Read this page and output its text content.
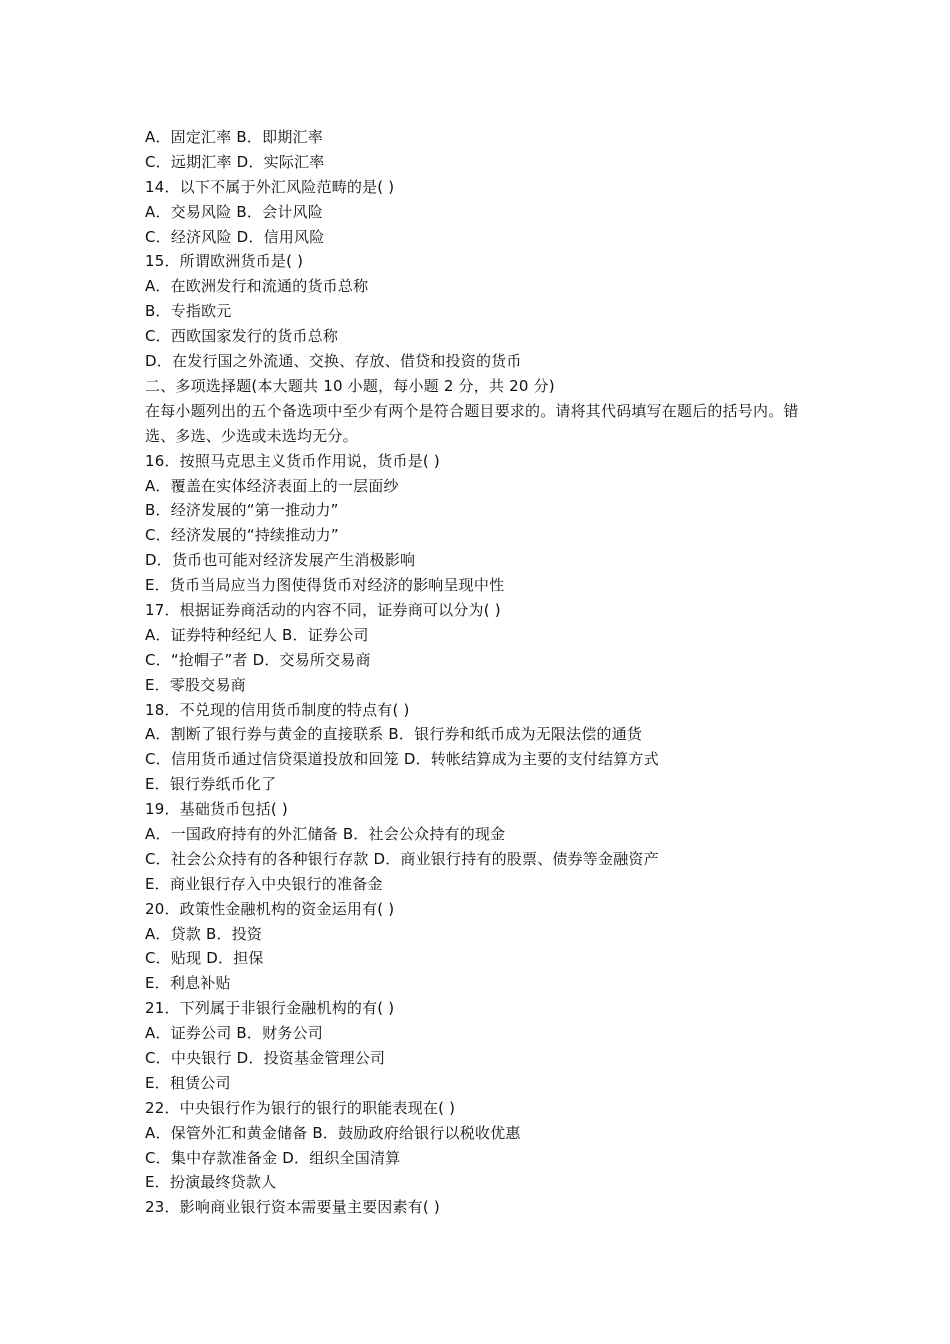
A．固定汇率 B．即期汇率
C．远期汇率 D．实际汇率
14．以下不属于外汇风险范畴的是( )
A．交易风险 B．会计风险
C．经济风险 D．信用风险
15．所谓欧洲货币是( )
A．在欧洲发行和流通的货币总称
B．专指欧元
C．西欧国家发行的货币总称
D．在发行国之外流通、交换、存放、借贷和投资的货币
二、多项选择题(本大题共 10 小题，每小题 2 分，共 20 分)
在每小题列出的五个备选项中至少有两个是符合题目要求的。请将其代码填写在题后的括号内。错选、多选、少选或未选均无分。
16．按照马克思主义货币作用说，货币是( )
A．覆盖在实体经济表面上的一层面纱
B．经济发展的“第一推动力”
C．经济发展的“持续推动力”
D．货币也可能对经济发展产生消极影响
E．货币当局应当力图使得货币对经济的影响呈现中性
17．根据证券商活动的内容不同，证券商可以分为( )
A．证券特种经纪人 B．证券公司
C．“抢帽子”者 D．交易所交易商
E．零股交易商
18．不兑现的信用货币制度的特点有( )
A．割断了银行券与黄金的直接联系 B．银行券和纸币成为无限法偿的通货
C．信用货币通过信贷渠道投放和回笼 D．转帐结算成为主要的支付结算方式
E．银行券纸币化了
19．基础货币包括( )
A．一国政府持有的外汇储备 B．社会公众持有的现金
C．社会公众持有的各种银行存款 D．商业银行持有的股票、债券等金融资产
E．商业银行存入中央银行的准备金
20．政策性金融机构的资金运用有( )
A．贷款 B．投资
C．贴现 D．担保
E．利息补贴
21．下列属于非银行金融机构的有( )
A．证券公司 B．财务公司
C．中央银行 D．投资基金管理公司
E．租赁公司
22．中央银行作为银行的银行的职能表现在( )
A．保管外汇和黄金储备 B．鼓励政府给银行以税收优惠
C．集中存款准备金 D．组织全国清算
E．扮演最终贷款人
23．影响商业银行资本需要量主要因素有( )
